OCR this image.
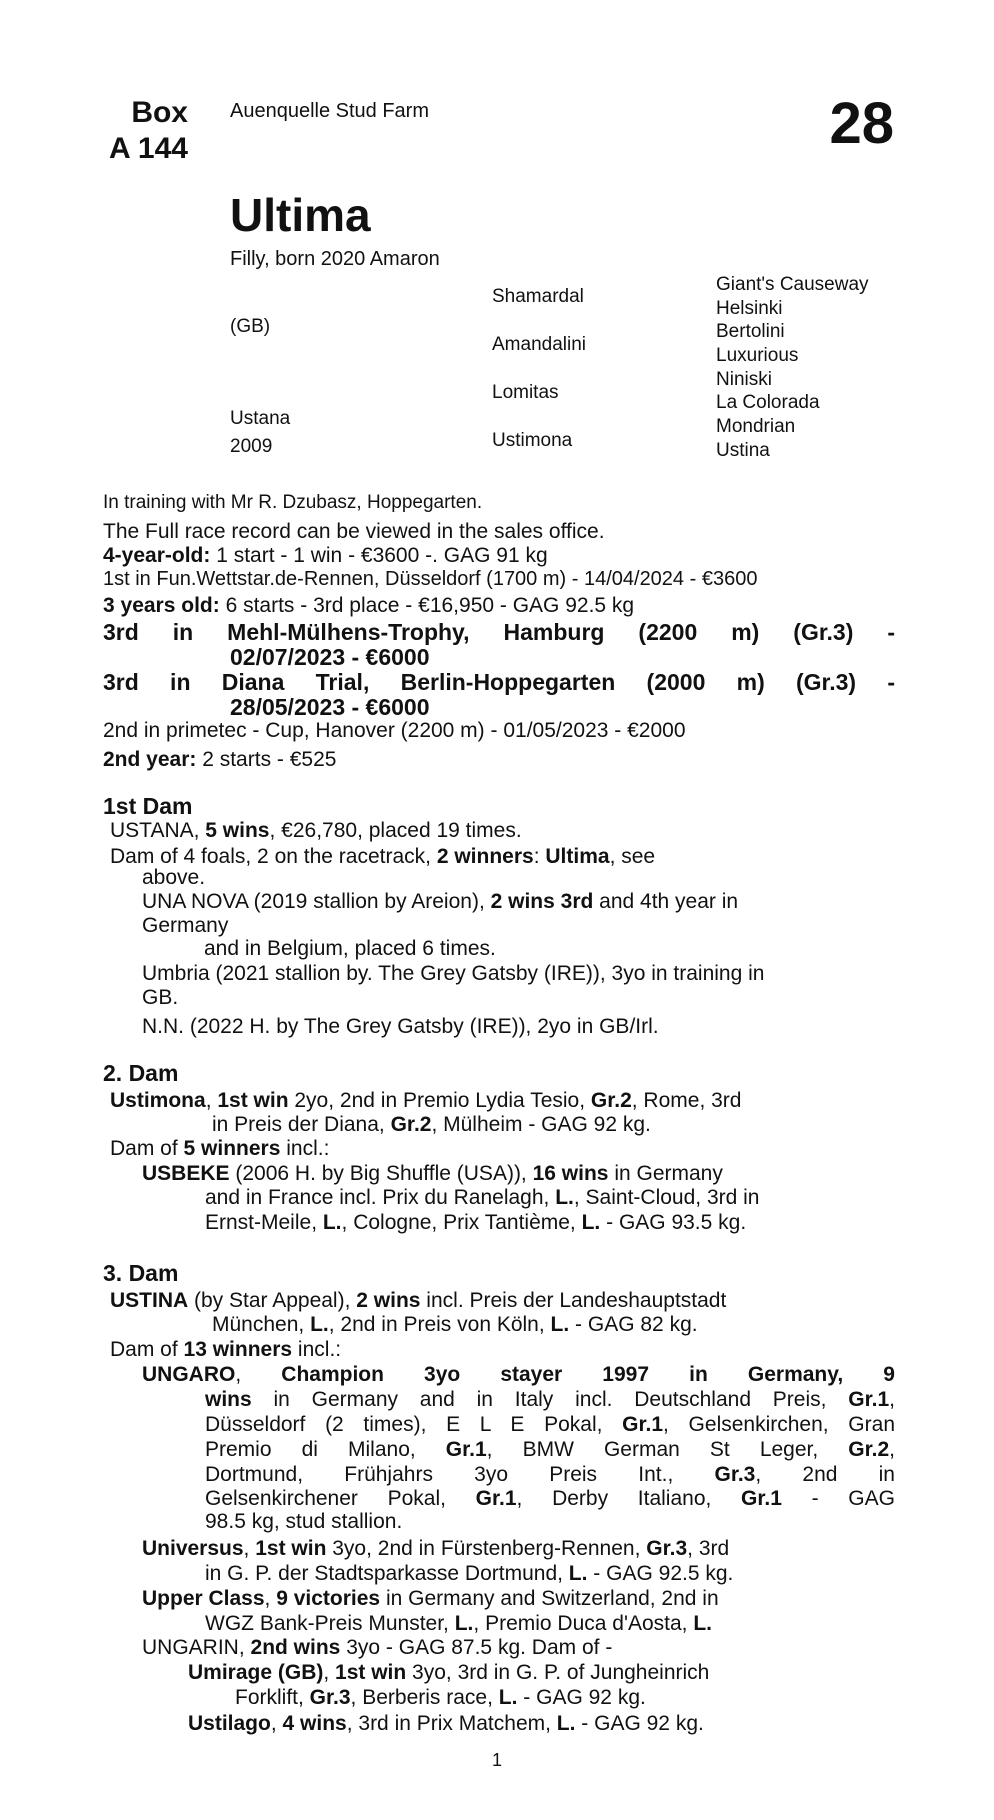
Box
A 144
Auenquelle Stud Farm	28
Ultima
Filly, born 2020 Amaron
(GB)
Ustana
2009
Shamardal
Amandalini
Lomitas
Ustimona
Giant's Causeway
Helsinki
Bertolini
Luxurious
Niniski
La Colorada
Mondrian
Ustina
In training with Mr R. Dzubasz, Hoppegarten.
The Full race record can be viewed in the sales office.
4-year-old: 1 start - 1 win - €3600 -. GAG 91 kg
1st in Fun.Wettstar.de-Rennen, Düsseldorf (1700 m) - 14/04/2024 - €3600
3 years old: 6 starts - 3rd place - €16,950 - GAG 92.5 kg
3rd in Mehl-Mülhens-Trophy, Hamburg (2200 m) (Gr.3) -
02/07/2023 - €6000
3rd in Diana Trial, Berlin-Hoppegarten (2000 m) (Gr.3) -
28/05/2023 - €6000
2nd in primetec - Cup, Hanover (2200 m) - 01/05/2023 - €2000
2nd year: 2 starts - €525
1st Dam
USTANA, 5 wins, €26,780, placed 19 times.
Dam of 4 foals, 2 on the racetrack, 2 winners: Ultima, see
above.
UNA NOVA (2019 stallion by Areion), 2 wins 3rd and 4th year in
Germany
and in Belgium, placed 6 times.
Umbria (2021 stallion by. The Grey Gatsby (IRE)), 3yo in training in
GB.
N.N. (2022 H. by The Grey Gatsby (IRE)), 2yo in GB/Irl.
2. Dam
Ustimona, 1st win 2yo, 2nd in Premio Lydia Tesio, Gr.2, Rome, 3rd
in Preis der Diana, Gr.2, Mülheim - GAG 92 kg.
Dam of 5 winners incl.:
USBEKE (2006 H. by Big Shuffle (USA)), 16 wins in Germany
and in France incl. Prix du Ranelagh, L., Saint-Cloud, 3rd in
Ernst-Meile, L., Cologne, Prix Tantième, L. - GAG 93.5 kg.
3. Dam
USTINA (by Star Appeal), 2 wins incl. Preis der Landeshauptstadt
München, L., 2nd in Preis von Köln, L. - GAG 82 kg.
Dam of 13 winners incl.:
UNGARO, Champion 3yo stayer 1997 in Germany, 9
wins in Germany and in Italy incl. Deutschland Preis, Gr.1,
Düsseldorf (2 times), E L E Pokal, Gr.1, Gelsenkirchen, Gran
Premio di Milano, Gr.1, BMW German St Leger, Gr.2,
Dortmund, Frühjahrs 3yo Preis Int., Gr.3, 2nd in
Gelsenkirchener Pokal, Gr.1, Derby Italiano, Gr.1 - GAG
98.5 kg, stud stallion.
Universus, 1st win 3yo, 2nd in Fürstenberg-Rennen, Gr.3, 3rd
in G. P. der Stadtsparkasse Dortmund, L. - GAG 92.5 kg.
Upper Class, 9 victories in Germany and Switzerland, 2nd in
WGZ Bank-Preis Munster, L., Premio Duca d'Aosta, L.
UNGARIN, 2nd wins 3yo - GAG 87.5 kg. Dam of -
Umirage (GB), 1st win 3yo, 3rd in G. P. of Jungheinrich
Forklift, Gr.3, Berberis race, L. - GAG 92 kg.
Ustilago, 4 wins, 3rd in Prix Matchem, L. - GAG 92 kg.
1
